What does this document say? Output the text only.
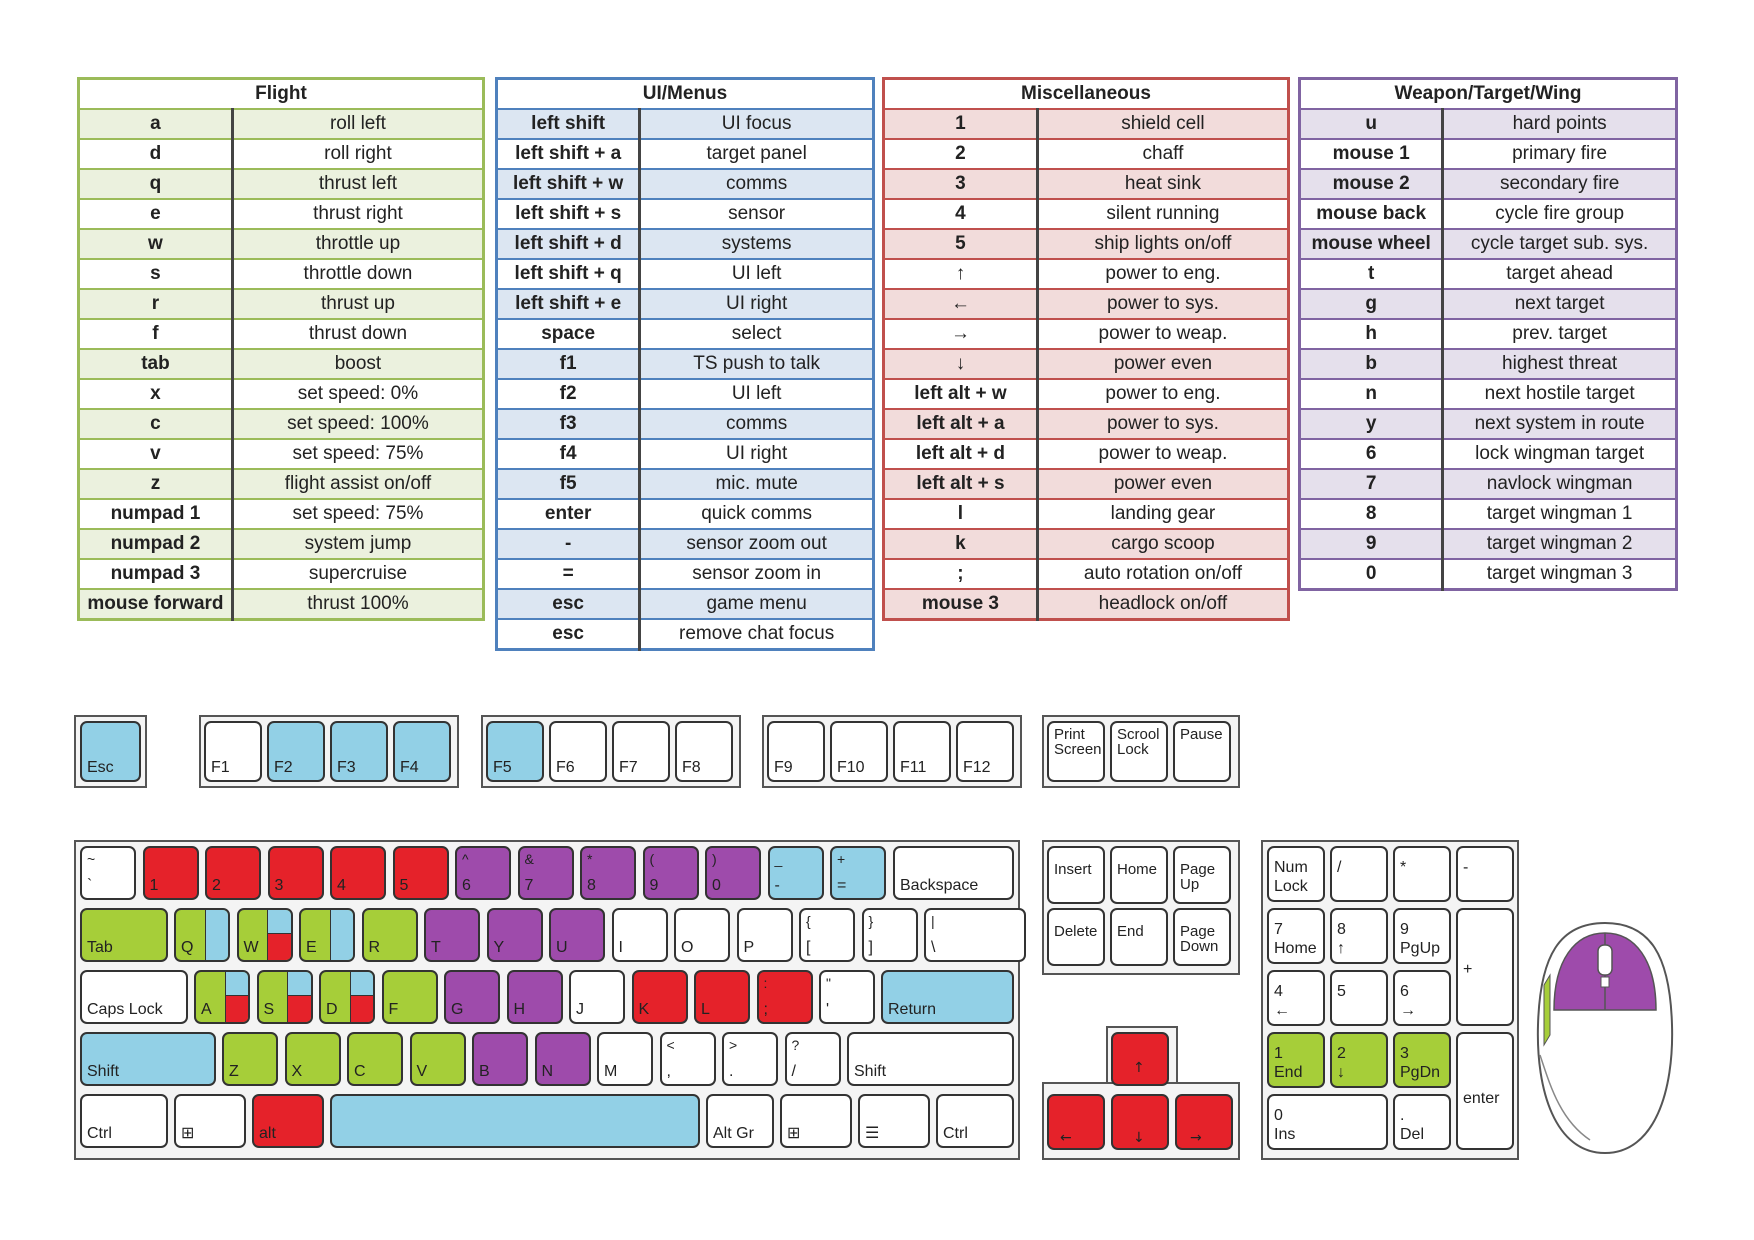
Flight	
a	roll left
d	roll right
q	thrust left
e	thrust right
w	throttle up
s	throttle down
r	thrust up
f	thrust down
tab	boost
x	set speed: 0%
c	set speed: 100%
v	set speed: 75%
z	flight assist on/off
numpad 1	set speed: 75%
numpad 2	system jump
numpad 3	supercruise
mouse forward	thrust 100%
UI/Menus	
left shift	UI focus
left shift + a	target panel
left shift + w	comms
left shift + s	sensor
left shift + d	systems
left shift + q	UI left
left shift + e	UI right
space	select
f1	TS push to talk
f2	UI left
f3	comms
f4	UI right
f5	mic. mute
enter	quick comms
-	sensor zoom out
=	sensor zoom in
esc	game menu
esc	remove chat focus
Miscellaneous	
1	shield cell
2	chaff
3	heat sink
4	silent running
5	ship lights on/off
↑	power to eng.
←	power to sys.
→	power to weap.
↓	power even
left alt + w	power to eng.
left alt + a	power to sys.
left alt + d	power to weap.
left alt + s	power even
l	landing gear
k	cargo scoop
;	auto rotation on/off
mouse 3	headlock on/off
Weapon/Target/Wing	
u	hard points
mouse 1	primary fire
mouse 2	secondary fire
mouse back	cycle fire group
mouse wheel	cycle target sub. sys.
t	target ahead
g	next target
h	prev. target
b	highest threat
n	next hostile target
y	next system in route
6	lock wingman target
7	navlock wingman
8	target wingman 1
9	target wingman 2
0	target wingman 3
Esc	F1	F2	F3	F4	F5	F6	F7	F8	F9	F10 F11 F12
Print
Screen
Scrool
Lock
Pause
~
`	1	2	3	4	5
^
6
&
7
*
8
(
9
)
0
_
-
+
=	Backspace
Tab	Q	W	E	R	T	Y	U	I	O	P
{
[
}
]
|
\
Caps Lock A	S	D	F	G	H	J	K	L
:
;
"
'	Return
Shift	Z	X	C	V	B	N	M
<
,
>
.
?
/	Shift
Ctrl	⊞	alt	Alt Gr ⊞	☰	Ctrl
Insert Home Page
Up
Delete End Page
Down
↑
←	↓	→
Num
Lock
/	*	-
7
Home
8
↑
9
PgUp
+
4
←
5	6
→
1
End
2
↓
3
PgDn
enter
0
Ins
.
Del
